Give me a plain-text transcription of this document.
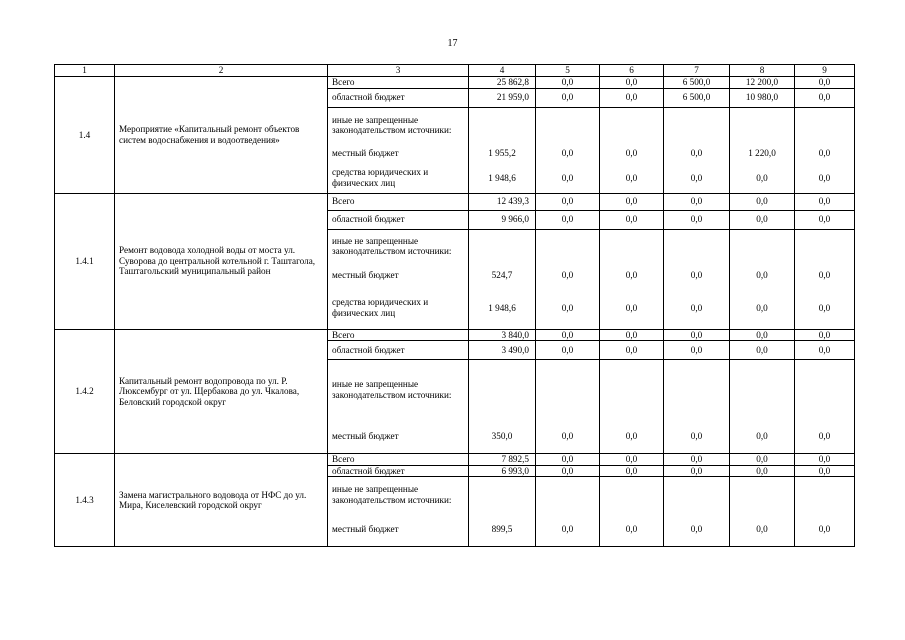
17
1	2	3	4	5	6	7	8	9
1.4	Мероприятие «Капитальный ремонт объектов систем водоснабжения и водоотведения»	Всего	25 862,8	0,0	0,0	6 500,0	12 200,0	0,0
		областной бюджет	21 959,0	0,0	0,0	6 500,0	10 980,0	0,0
		иные не запрещенные законодательством источники:						
		местный бюджет	1 955,2	0,0	0,0	0,0	1 220,0	0,0
		средства юридических и физических лиц	1 948,6	0,0	0,0	0,0	0,0	0,0
1.4.1	Ремонт водовода холодной воды от моста ул. Суворова до центральной котельной г. Таштагола, Таштагольский муниципальный район	Всего	12 439,3	0,0	0,0	0,0	0,0	0,0
		областной бюджет	9 966,0	0,0	0,0	0,0	0,0	0,0
		иные не запрещенные законодательством источники:						
		местный бюджет	524,7	0,0	0,0	0,0	0,0	0,0
		средства юридических и физических лиц	1 948,6	0,0	0,0	0,0	0,0	0,0
1.4.2	Капитальный ремонт водопровода по ул. Р. Люксембург от ул. Щербакова до ул. Чкалова, Беловский городской округ	Всего	3 840,0	0,0	0,0	0,0	0,0	0,0
		областной бюджет	3 490,0	0,0	0,0	0,0	0,0	0,0
		иные не запрещенные законодательством источники:						
		местный бюджет	350,0	0,0	0,0	0,0	0,0	0,0
1.4.3	Замена магистрального водовода от НФС до ул. Мира, Киселевский городской округ	Всего	7 892,5	0,0	0,0	0,0	0,0	0,0
		областной бюджет	6 993,0	0,0	0,0	0,0	0,0	0,0
		иные не запрещенные законодательством источники:						
		местный бюджет	899,5	0,0	0,0	0,0	0,0	0,0
